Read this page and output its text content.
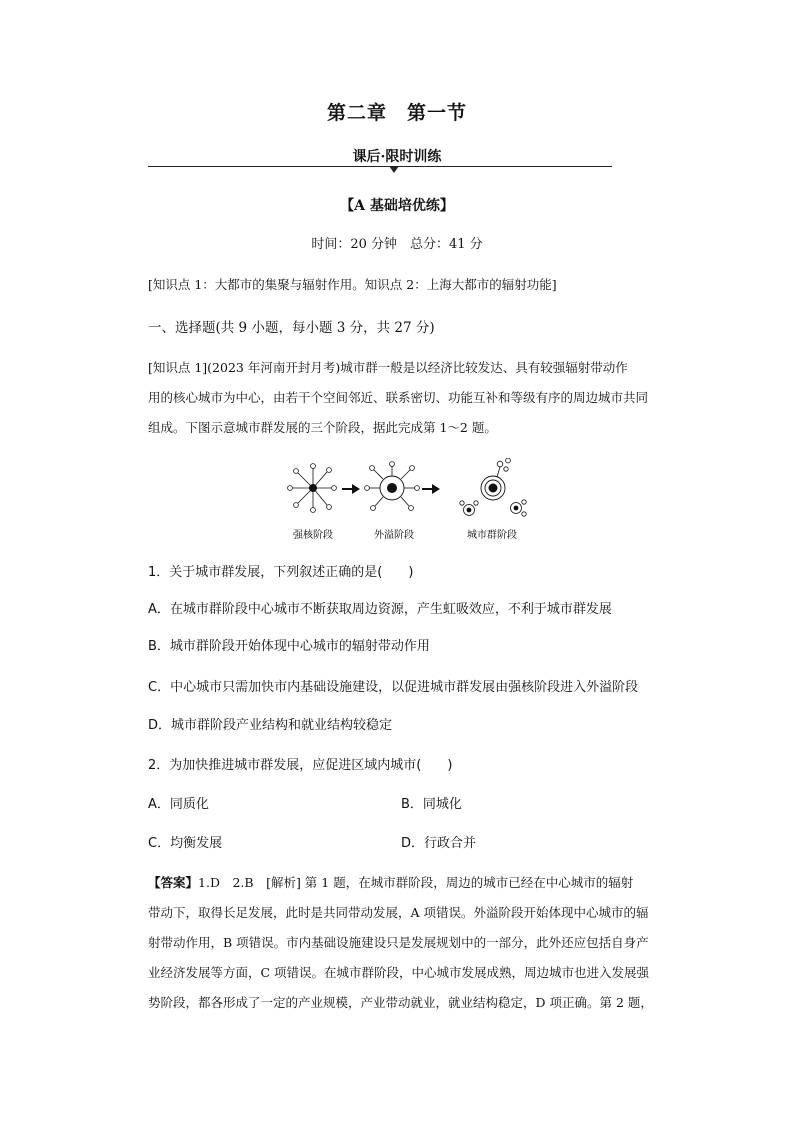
第二章　第一节
课后·限时训练
【A 基础培优练】
时间：20 分钟　总分：41 分
[知识点 1：大都市的集聚与辐射作用。知识点 2：上海大都市的辐射功能]
一、选择题(共 9 小题，每小题 3 分，共 27 分)
[知识点 1](2023 年河南开封月考)城市群一般是以经济比较发达、具有较强辐射带动作
用的核心城市为中心，由若干个空间邻近、联系密切、功能互补和等级有序的周边城市共同
组成。下图示意城市群发展的三个阶段，据此完成第 1～2 题。
强核阶段	外溢阶段	城市群阶段
1．关于城市群发展，下列叙述正确的是(　　)
A．在城市群阶段中心城市不断获取周边资源，产生虹吸效应，不利于城市群发展
B．城市群阶段开始体现中心城市的辐射带动作用
C．中心城市只需加快市内基础设施建设，以促进城市群发展由强核阶段进入外溢阶段
D．城市群阶段产业结构和就业结构较稳定
2．为加快推进城市群发展，应促进区域内城市(　　)
A．同质化	B．同城化
C．均衡发展	D．行政合并
【答案】1.D　2.B　[解析] 第 1 题，在城市群阶段，周边的城市已经在中心城市的辐射
带动下，取得长足发展，此时是共同带动发展，A 项错误。外溢阶段开始体现中心城市的辐
射带动作用，B 项错误。市内基础设施建设只是发展规划中的一部分，此外还应包括自身产
业经济发展等方面，C 项错误。在城市群阶段，中心城市发展成熟，周边城市也进入发展强
势阶段，都各形成了一定的产业规模，产业带动就业，就业结构稳定，D 项正确。第 2 题，
